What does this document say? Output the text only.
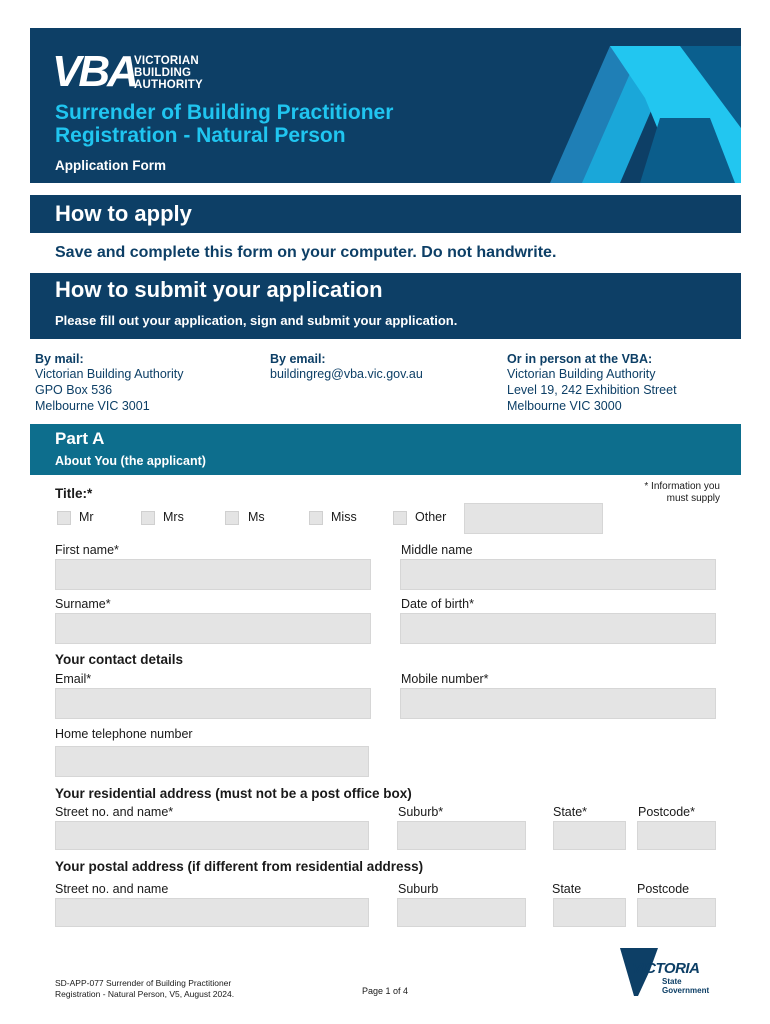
VBA
VICTORIAN
BUILDING
AUTHORITY
Surrender of Building Practitioner
Registration - Natural Person
Application Form
How to apply
Save and complete this form on your computer. Do not handwrite.
How to submit your application
Please fill out your application, sign and submit your application.
By mail:
Victorian Building Authority
GPO Box 536
Melbourne VIC 3001
By email:
buildingreg@vba.vic.gov.au
Or in person at the VBA:
Victorian Building Authority
Level 19, 242 Exhibition Street
Melbourne VIC 3000
Part A
About You (the applicant)
* Information you
must supply
Title:*
Mr	Mrs	Ms	Miss	Other
First name*	Middle name
Surname*	Date of birth*
Your contact details
Email*	Mobile number*
Home telephone number
Your residential address (must not be a post office box)
Street no. and name*	Suburb*	State*	Postcode*
Your postal address (if different from residential address)
Street no. and name	Suburb	State	Postcode
SD-APP-077 Surrender of Building Practitioner
Registration - Natural Person, V5, August 2024.	Page 1 of 4
VICTORIA
State
Government
